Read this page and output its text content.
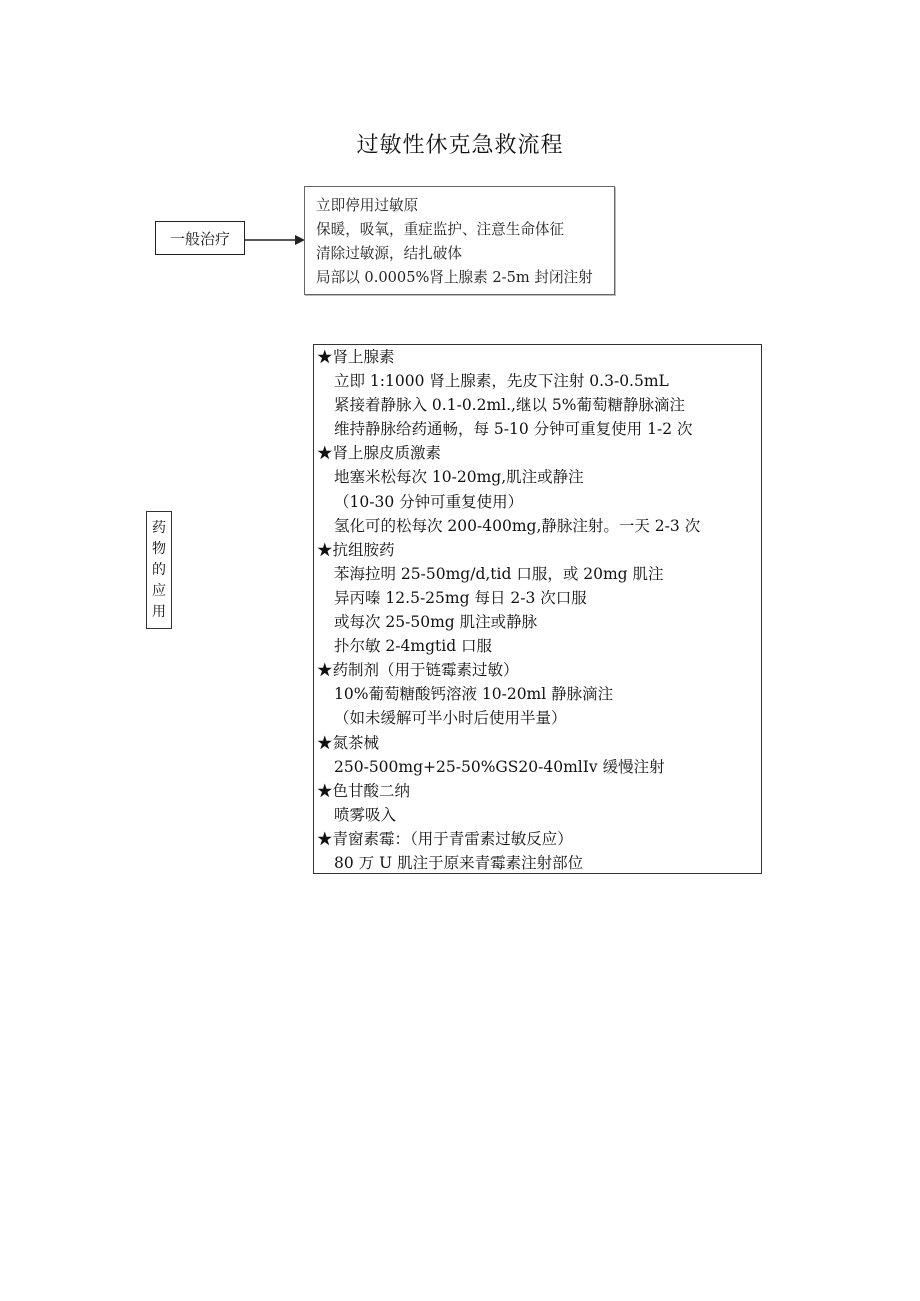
过敏性休克急救流程
一般治疗
立即停用过敏原
保暖，吸氧，重症监护、注意生命体征
清除过敏源，结扎破体
局部以 0.0005%肾上腺素 2-5m 封闭注射
药
物
的
应
用
★肾上腺素
立即 1:1000 肾上腺素，先皮下注射 0.3-0.5mL
紧接着静脉入 0.1-0.2ml.,继以 5%葡萄糖静脉滴注
维持静脉给药通畅，每 5-10 分钟可重复使用 1-2 次
★肾上腺皮质激素
地塞米松每次 10-20mg,肌注或静注
（10-30 分钟可重复使用）
氢化可的松每次 200-400mg,静脉注射。一天 2-3 次
★抗组胺药
苯海拉明 25-50mg/d,tid 口服，或 20mg 肌注
异丙嗪 12.5-25mg 每日 2-3 次口服
或每次 25-50mg 肌注或静脉
扑尔敏 2-4mgtid 口服
★药制剂（用于链霉素过敏）
10%葡萄糖酸钙溶液 10-20ml 静脉滴注
（如未缓解可半小时后使用半量）
★氮茶械
250-500mg+25-50%GS20-40mlIv 缓慢注射
★色甘酸二纳
喷雾吸入
★青窗素霉：（用于青雷素过敏反应）
80 万 U 肌注于原来青霉素注射部位
